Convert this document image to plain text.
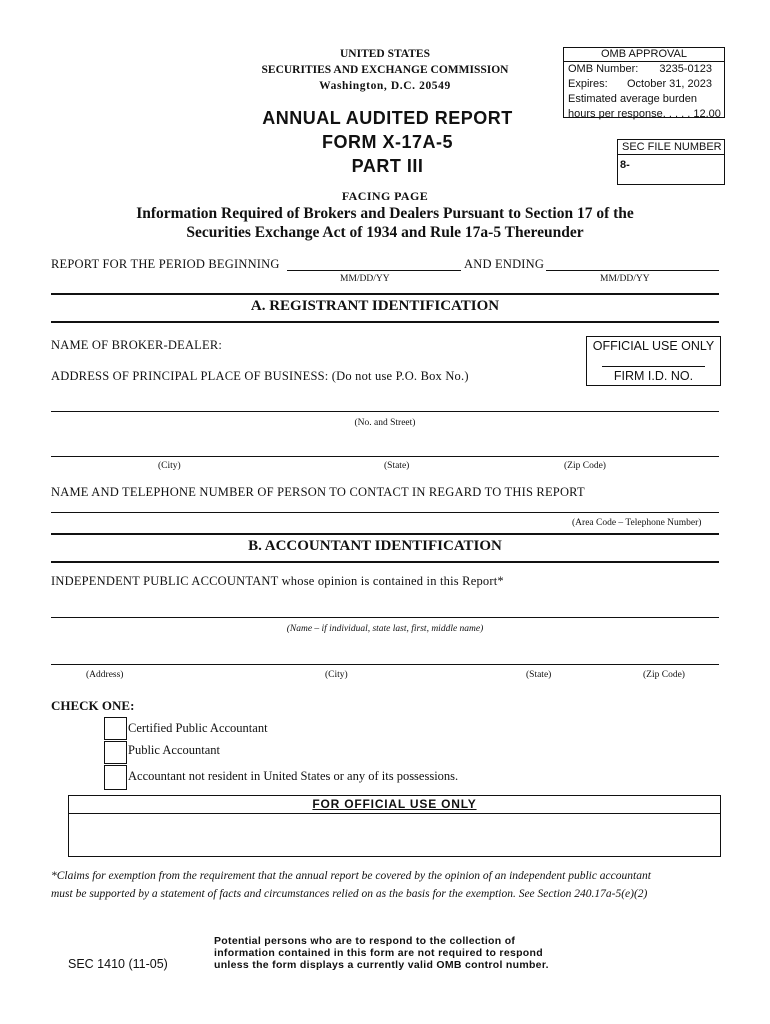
UNITED STATES
SECURITIES AND EXCHANGE COMMISSION
Washington, D.C. 20549
ANNUAL AUDITED REPORT
FORM X-17A-5
PART III
OMB APPROVAL
OMB Number: 3235-0123
Expires: October 31, 2023
Estimated average burden
hours per response. . . . . 12.00
SEC FILE NUMBER
8-
FACING PAGE
Information Required of Brokers and Dealers Pursuant to Section 17 of the
Securities Exchange Act of 1934 and Rule 17a-5 Thereunder
REPORT FOR THE PERIOD BEGINNING	AND ENDING
MM/DD/YY	MM/DD/YY
A. REGISTRANT IDENTIFICATION
NAME OF BROKER-DEALER:
ADDRESS OF PRINCIPAL PLACE OF BUSINESS: (Do not use P.O. Box No.)
OFFICIAL USE ONLY
FIRM I.D. NO.
(No. and Street)
(City)	(State)	(Zip Code)
NAME AND TELEPHONE NUMBER OF PERSON TO CONTACT IN REGARD TO THIS REPORT
(Area Code – Telephone Number)
B. ACCOUNTANT IDENTIFICATION
INDEPENDENT PUBLIC ACCOUNTANT whose opinion is contained in this Report*
(Name – if individual, state last, first, middle name)
(Address)	(City)	(State)	(Zip Code)
CHECK ONE:
Certified Public Accountant
Public Accountant
Accountant not resident in United States or any of its possessions.
FOR OFFICIAL USE ONLY
*Claims for exemption from the requirement that the annual report be covered by the opinion of an independent public accountant
must be supported by a statement of facts and circumstances relied on as the basis for the exemption. See Section 240.17a-5(e)(2)
SEC 1410 (11-05)
Potential persons who are to respond to the collection of
information contained in this form are not required to respond
unless the form displays a currently valid OMB control number.
